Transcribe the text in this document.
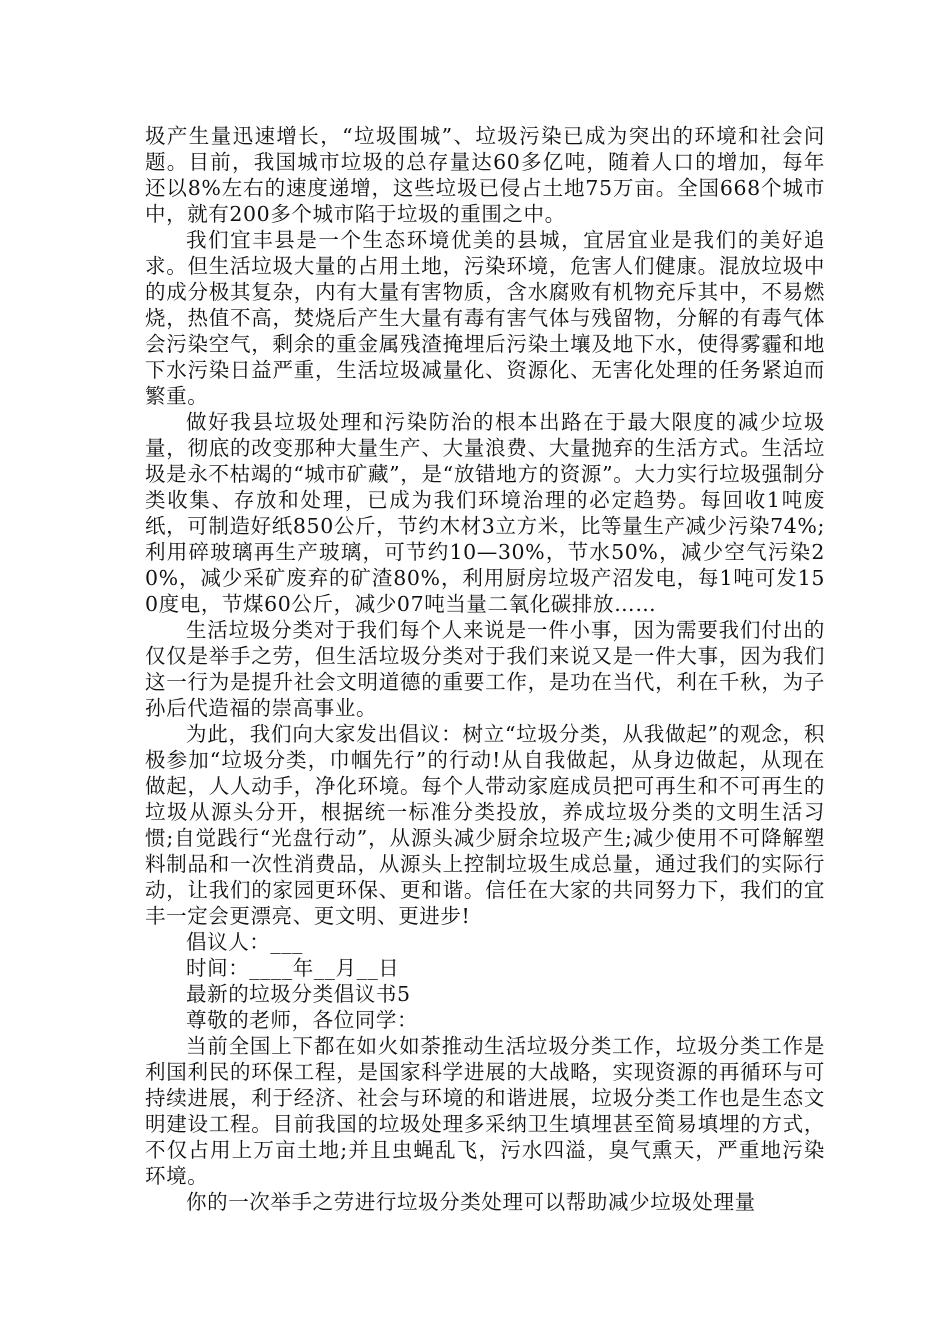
圾产生量迅速增长，“垃圾围城”、垃圾污染已成为突出的环境和社会问题。目前，我国城市垃圾的总存量达60多亿吨，随着人口的增加，每年还以8%左右的速度递增，这些垃圾已侵占土地75万亩。全国668个城市中，就有200多个城市陷于垃圾的重围之中。

我们宜丰县是一个生态环境优美的县城，宜居宜业是我们的美好追求。但生活垃圾大量的占用土地，污染环境，危害人们健康。混放垃圾中的成分极其复杂，内有大量有害物质，含水腐败有机物充斥其中，不易燃烧，热值不高，焚烧后产生大量有毒有害气体与残留物，分解的有毒气体会污染空气，剩余的重金属残渣掩埋后污染土壤及地下水，使得雾霾和地下水污染日益严重，生活垃圾减量化、资源化、无害化处理的任务紧迫而繁重。

做好我县垃圾处理和污染防治的根本出路在于最大限度的减少垃圾量，彻底的改变那种大量生产、大量浪费、大量抛弃的生活方式。生活垃圾是永不枯竭的“城市矿藏”，是“放错地方的资源”。大力实行垃圾强制分类收集、存放和处理，已成为我们环境治理的必定趋势。每回收1吨废纸，可制造好纸850公斤，节约木材3立方米，比等量生产减少污染74%;利用碎玻璃再生产玻璃，可节约10—30%，节水50%，减少空气污染20%，减少采矿废弃的矿渣80%，利用厨房垃圾产沼发电，每1吨可发150度电，节煤60公斤，减少07吨当量二氧化碳排放……

生活垃圾分类对于我们每个人来说是一件小事，因为需要我们付出的仅仅是举手之劳，但生活垃圾分类对于我们来说又是一件大事，因为我们这一行为是提升社会文明道德的重要工作，是功在当代，利在千秋，为子孙后代造福的崇高事业。

为此，我们向大家发出倡议：树立“垃圾分类，从我做起”的观念，积极参加“垃圾分类，巾帼先行”的行动!从自我做起，从身边做起，从现在做起，人人动手，净化环境。每个人带动家庭成员把可再生和不可再生的垃圾从源头分开，根据统一标准分类投放，养成垃圾分类的文明生活习惯;自觉践行“光盘行动”，从源头减少厨余垃圾产生;减少使用不可降解塑料制品和一次性消费品，从源头上控制垃圾生成总量，通过我们的实际行动，让我们的家园更环保、更和谐。信任在大家的共同努力下，我们的宜丰一定会更漂亮、更文明、更进步!

倡议人：___

时间：____年__月__日

最新的垃圾分类倡议书5

尊敬的老师，各位同学：

当前全国上下都在如火如荼推动生活垃圾分类工作，垃圾分类工作是利国利民的环保工程，是国家科学进展的大战略，实现资源的再循环与可持续进展，利于经济、社会与环境的和谐进展，垃圾分类工作也是生态文明建设工程。目前我国的垃圾处理多采纳卫生填埋甚至简易填埋的方式，不仅占用上万亩土地;并且虫蝇乱飞，污水四溢，臭气熏天，严重地污染环境。

你的一次举手之劳进行垃圾分类处理可以帮助减少垃圾处理量
